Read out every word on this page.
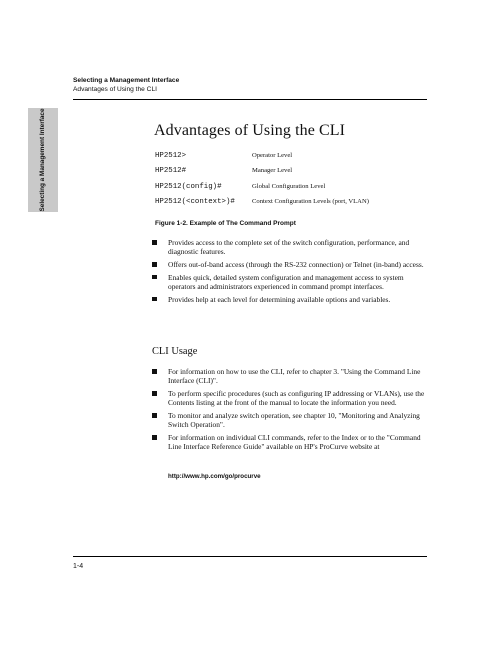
Selecting a Management Interface
Advantages of Using the CLI
Selecting a Management Interface	Advantages of Using the CLI
HP2512>	Operator Level
HP2512#	Manager Level
HP2512(config)#	Global Configuration Level
HP2512(<context>)#	Context Configuration Levels (port, VLAN)
Figure 1-2. Example of The Command Prompt
Provides access to the complete set of the switch configuration, performance, and diagnostic features.
Offers out-of-band access (through the RS-232 connection) or Telnet (in-band) access.
Enables quick, detailed system configuration and management access to system operators and administrators experienced in command prompt interfaces.
Provides help at each level for determining available options and variables.
CLI Usage
For information on how to use the CLI, refer to chapter 3. "Using the Command Line Interface (CLI)".
To perform specific procedures (such as configuring IP addressing or VLANs), use the Contents listing at the front of the manual to locate the information you need.
To monitor and analyze switch operation, see chapter 10, "Monitoring and Analyzing Switch Operation".
For information on individual CLI commands, refer to the Index or to the "Command Line Interface Reference Guide" available on HP's ProCurve website at
http://www.hp.com/go/procurve
1-4
